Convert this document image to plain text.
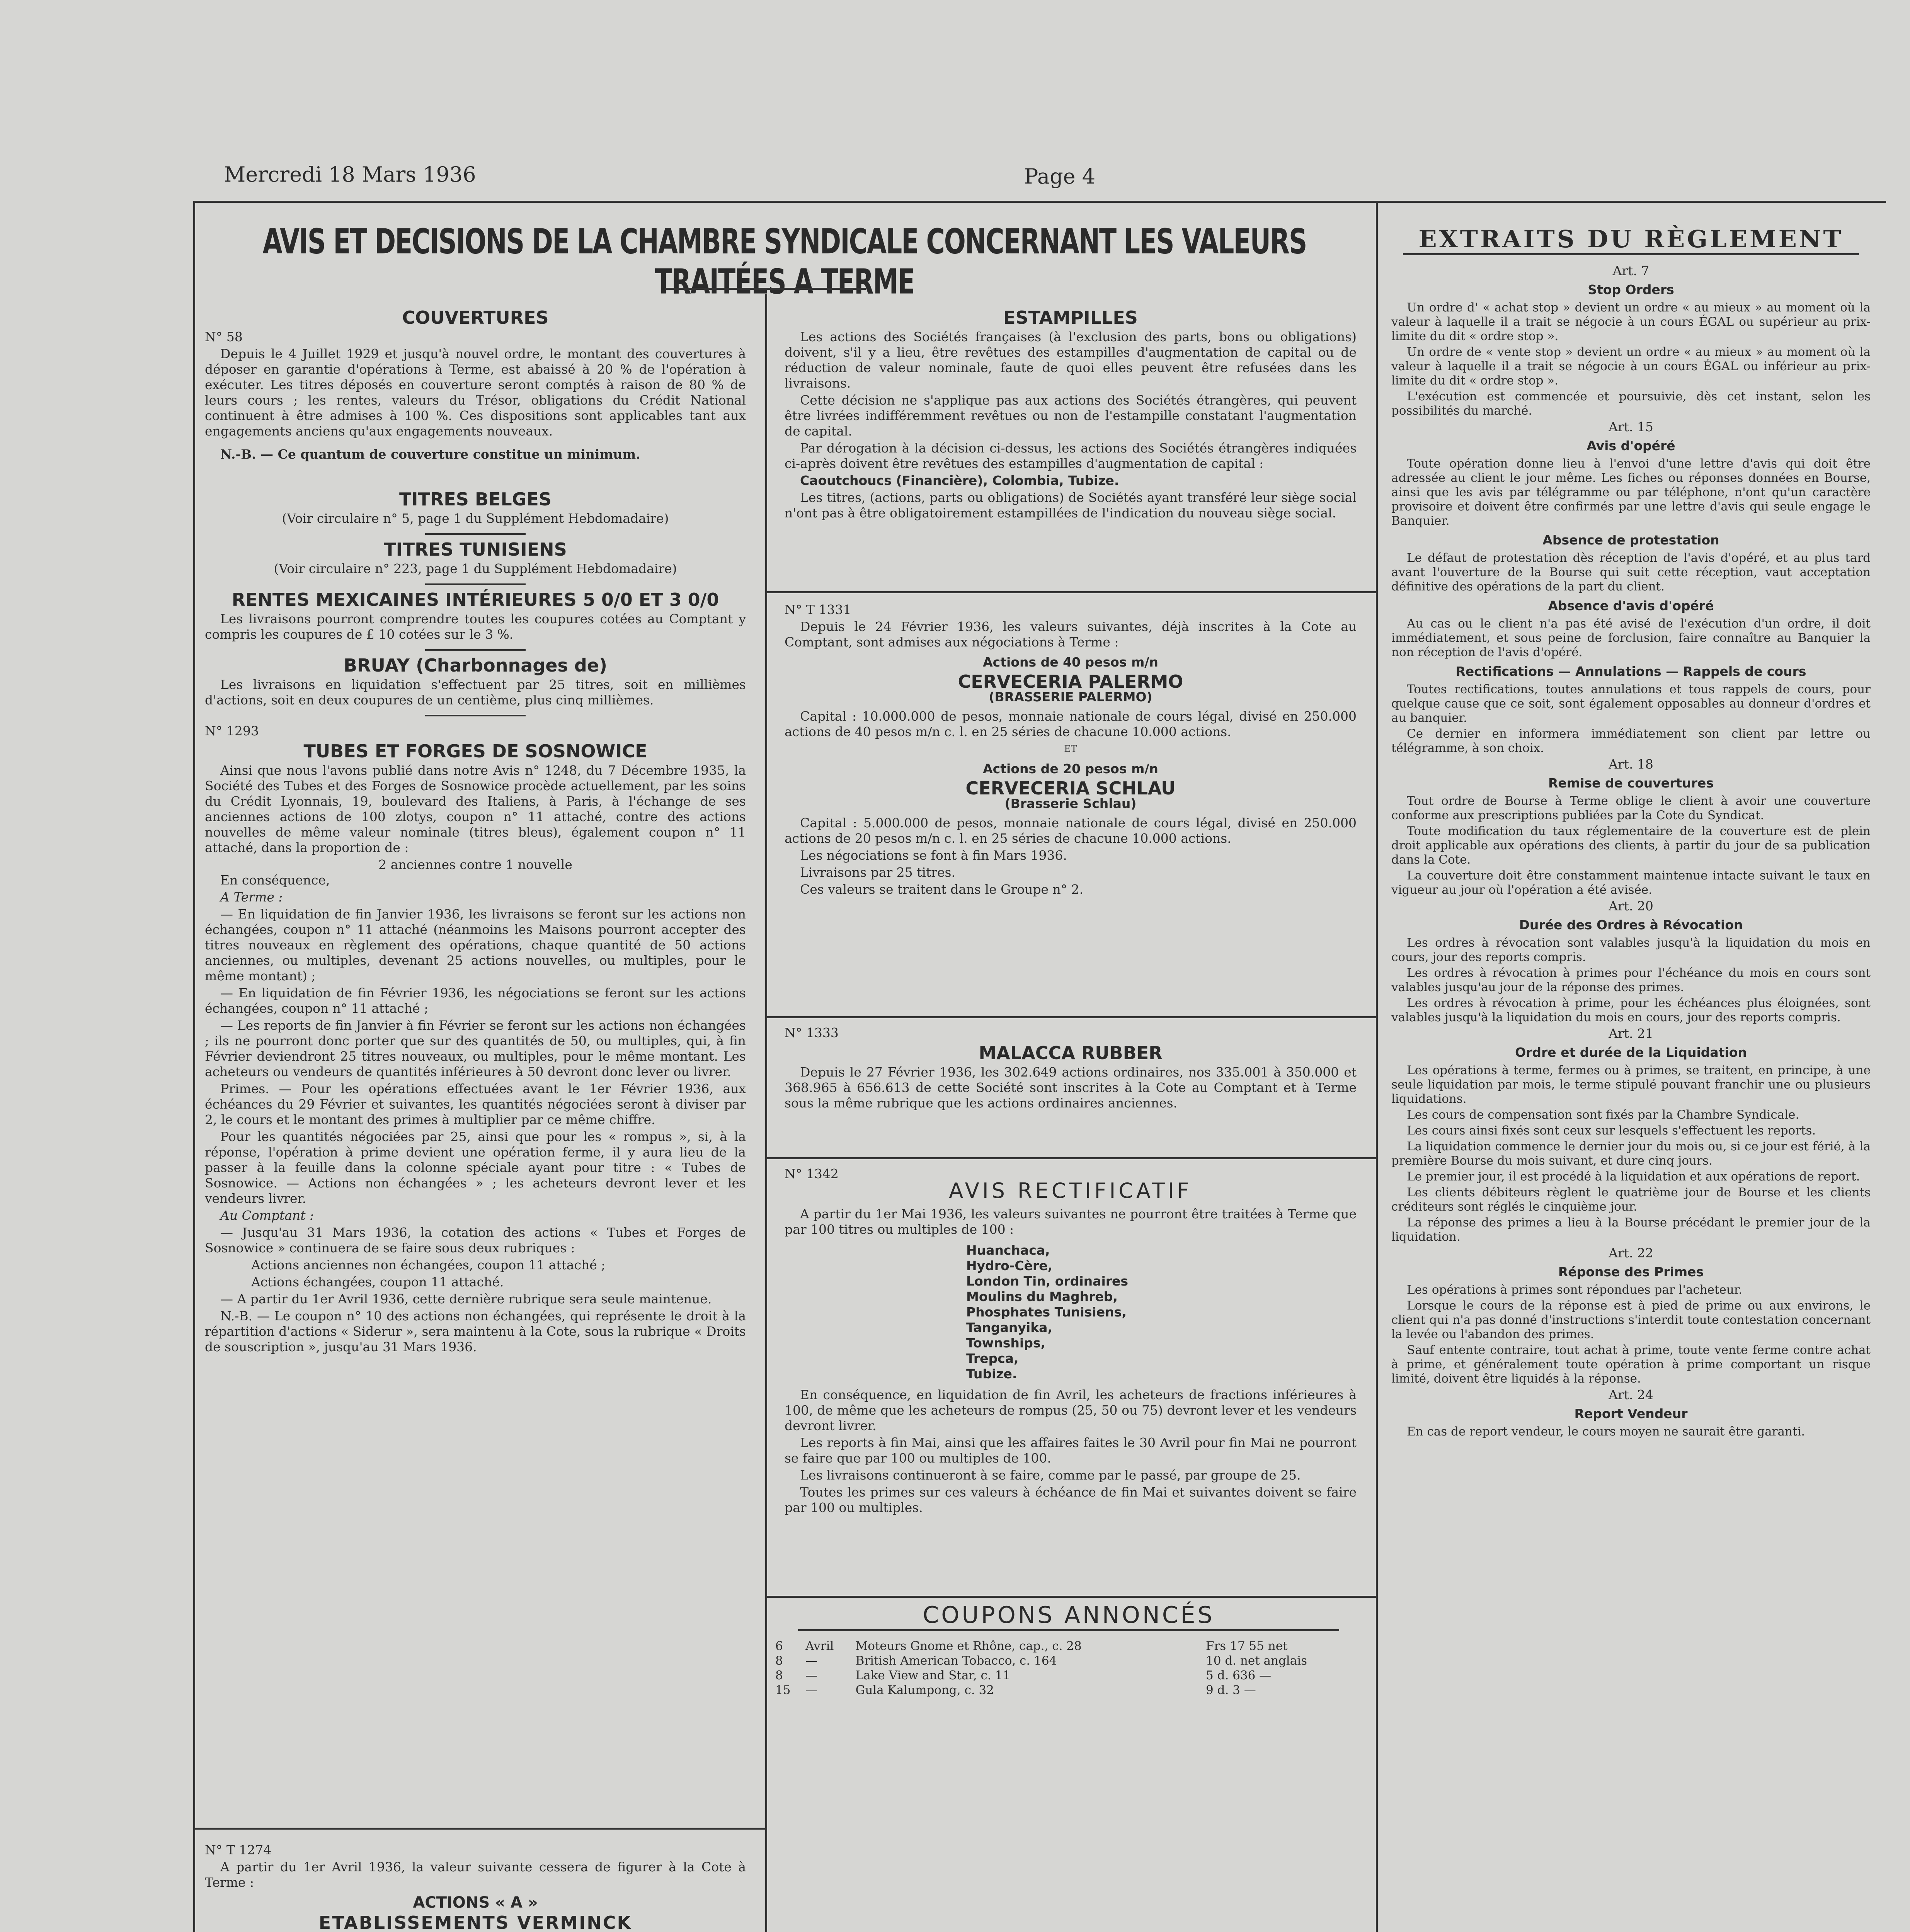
Mercredi 18 Mars 1936	Page 4
AVIS ET DECISIONS DE LA CHAMBRE SYNDICALE CONCERNANT LES VALEURS TRAITÉES A TERME
COUVERTURES
N° 58

Depuis le 4 Juillet 1929 et jusqu'à nouvel ordre, le montant des couvertures à déposer en garantie d'opérations à Terme, est abaissé à 20 % de l'opération à exécuter. Les titres déposés en couverture seront comptés à raison de 80 % de leurs cours ; les rentes, valeurs du Trésor, obligations du Crédit National continuent à être admises à 100 %. Ces dispositions sont applicables tant aux engagements anciens qu'aux engagements nouveaux.

N.-B. — Ce quantum de couverture constitue un minimum.

TITRES BELGES
(Voir circulaire n° 5, page 1 du Supplément Hebdomadaire)
TITRES TUNISIENS
(Voir circulaire n° 223, page 1 du Supplément Hebdomadaire)
RENTES MEXICAINES INTÉRIEURES 5 0/0 ET 3 0/0

Les livraisons pourront comprendre toutes les coupures cotées au Comptant y compris les coupures de £ 10 cotées sur le 3 %.

BRUAY (Charbonnages de)

Les livraisons en liquidation s'effectuent par 25 titres, soit en millièmes d'actions, soit en deux coupures de un centième, plus cinq millièmes.

N° 1293
TUBES ET FORGES DE SOSNOWICE

Ainsi que nous l'avons publié dans notre Avis n° 1248, du 7 Décembre 1935, la Société des Tubes et des Forges de Sosnowice procède actuellement, par les soins du Crédit Lyonnais, 19, boulevard des Italiens, à Paris, à l'échange de ses anciennes actions de 100 zlotys, coupon n° 11 attaché, contre des actions nouvelles de même valeur nominale (titres bleus), également coupon n° 11 attaché, dans la proportion de :

2 anciennes contre 1 nouvelle

En conséquence,

A Terme :

— En liquidation de fin Janvier 1936, les livraisons se feront sur les actions non échangées, coupon n° 11 attaché (néanmoins les Maisons pourront accepter des titres nouveaux en règlement des opérations, chaque quantité de 50 actions anciennes, ou multiples, devenant 25 actions nouvelles, ou multiples, pour le même montant) ;

— En liquidation de fin Février 1936, les négociations se feront sur les actions échangées, coupon n° 11 attaché ;

— Les reports de fin Janvier à fin Février se feront sur les actions non échangées ; ils ne pourront donc porter que sur des quantités de 50, ou multiples, qui, à fin Février deviendront 25 titres nouveaux, ou multiples, pour le même montant. Les acheteurs ou vendeurs de quantités inférieures à 50 devront donc lever ou livrer.

Primes. — Pour les opérations effectuées avant le 1er Février 1936, aux échéances du 29 Février et suivantes, les quantités négociées seront à diviser par 2, le cours et le montant des primes à multiplier par ce même chiffre.

Pour les quantités négociées par 25, ainsi que pour les « rompus », si, à la réponse, l'opération à prime devient une opération ferme, il y aura lieu de la passer à la feuille dans la colonne spéciale ayant pour titre : « Tubes de Sosnowice. — Actions non échangées » ; les acheteurs devront lever et les vendeurs livrer.

Au Comptant :

— Jusqu'au 31 Mars 1936, la cotation des actions « Tubes et Forges de Sosnowice » continuera de se faire sous deux rubriques :

Actions anciennes non échangées, coupon 11 attaché ;

Actions échangées, coupon 11 attaché.

— A partir du 1er Avril 1936, cette dernière rubrique sera seule maintenue.

N.-B. — Le coupon n° 10 des actions non échangées, qui représente le droit à la répartition d'actions « Siderur », sera maintenu à la Cote, sous la rubrique « Droits de souscription », jusqu'au 31 Mars 1936.

N° T 1274

A partir du 1er Avril 1936, la valeur suivante cessera de figurer à la Cote à Terme :

ACTIONS « A »
ETABLISSEMENTS VERMINCK

ESTAMPILLES

Les actions des Sociétés françaises (à l'exclusion des parts, bons ou obligations) doivent, s'il y a lieu, être revêtues des estampilles d'augmentation de capital ou de réduction de valeur nominale, faute de quoi elles peuvent être refusées dans les livraisons.

Cette décision ne s'applique pas aux actions des Sociétés étrangères, qui peuvent être livrées indifféremment revêtues ou non de l'estampille constatant l'augmentation de capital.

Par dérogation à la décision ci-dessus, les actions des Sociétés étrangères indiquées ci-après doivent être revêtues des estampilles d'augmentation de capital :

Caoutchoucs (Financière), Colombia, Tubize.

Les titres, (actions, parts ou obligations) de Sociétés ayant transféré leur siège social n'ont pas à être obligatoirement estampillées de l'indication du nouveau siège social.

N° T 1331

Depuis le 24 Février 1936, les valeurs suivantes, déjà inscrites à la Cote au Comptant, sont admises aux négociations à Terme :

Actions de 40 pesos m/n
CERVECERIA PALERMO
(BRASSERIE PALERMO)

Capital : 10.000.000 de pesos, monnaie nationale de cours légal, divisé en 250.000 actions de 40 pesos m/n c. l. en 25 séries de chacune 10.000 actions.

ET
Actions de 20 pesos m/n
CERVECERIA SCHLAU
(Brasserie Schlau)

Capital : 5.000.000 de pesos, monnaie nationale de cours légal, divisé en 250.000 actions de 20 pesos m/n c. l. en 25 séries de chacune 10.000 actions.

Les négociations se font à fin Mars 1936.

Livraisons par 25 titres.

Ces valeurs se traitent dans le Groupe n° 2.

N° 1333
MALACCA RUBBER

Depuis le 27 Février 1936, les 302.649 actions ordinaires, nos 335.001 à 350.000 et 368.965 à 656.613 de cette Société sont inscrites à la Cote au Comptant et à Terme sous la même rubrique que les actions ordinaires anciennes.

N° 1342
AVIS RECTIFICATIF

A partir du 1er Mai 1936, les valeurs suivantes ne pourront être traitées à Terme que par 100 titres ou multiples de 100 :

Huanchaca,
Hydro-Cère,
London Tin, ordinaires
Moulins du Maghreb,
Phosphates Tunisiens,
Tanganyika,
Townships,
Trepca,
Tubize.

En conséquence, en liquidation de fin Avril, les acheteurs de fractions inférieures à 100, de même que les acheteurs de rompus (25, 50 ou 75) devront lever et les vendeurs devront livrer.

Les reports à fin Mai, ainsi que les affaires faites le 30 Avril pour fin Mai ne pourront se faire que par 100 ou multiples de 100.

Les livraisons continueront à se faire, comme par le passé, par groupe de 25.

Toutes les primes sur ces valeurs à échéance de fin Mai et suivantes doivent se faire par 100 ou multiples.

COUPONS ANNONCÉS
6	Avril	Moteurs Gnome et Rhône, cap., c. 28	Frs 17 55 net
8	—	British American Tobacco, c. 164	10 d. net anglais
8	—	Lake View and Star, c. 11	5 d. 636 —
15	—	Gula Kalumpong, c. 32	9 d. 3 —
EXTRAITS DU RÈGLEMENT
Art. 7
Stop Orders

Un ordre d' « achat stop » devient un ordre « au mieux » au moment où la valeur à laquelle il a trait se négocie à un cours ÉGAL ou supérieur au prix-limite du dit « ordre stop ».

Un ordre de « vente stop » devient un ordre « au mieux » au moment où la valeur à laquelle il a trait se négocie à un cours ÉGAL ou inférieur au prix-limite du dit « ordre stop ».

L'exécution est commencée et poursuivie, dès cet instant, selon les possibilités du marché.

Art. 15
Avis d'opéré

Toute opération donne lieu à l'envoi d'une lettre d'avis qui doit être adressée au client le jour même. Les fiches ou réponses données en Bourse, ainsi que les avis par télégramme ou par téléphone, n'ont qu'un caractère provisoire et doivent être confirmés par une lettre d'avis qui seule engage le Banquier.

Absence de protestation

Le défaut de protestation dès réception de l'avis d'opéré, et au plus tard avant l'ouverture de la Bourse qui suit cette réception, vaut acceptation définitive des opérations de la part du client.

Absence d'avis d'opéré

Au cas ou le client n'a pas été avisé de l'exécution d'un ordre, il doit immédiatement, et sous peine de forclusion, faire connaître au Banquier la non réception de l'avis d'opéré.

Rectifications — Annulations — Rappels de cours

Toutes rectifications, toutes annulations et tous rappels de cours, pour quelque cause que ce soit, sont également opposables au donneur d'ordres et au banquier.

Ce dernier en informera immédiatement son client par lettre ou télégramme, à son choix.

Art. 18
Remise de couvertures

Tout ordre de Bourse à Terme oblige le client à avoir une couverture conforme aux prescriptions publiées par la Cote du Syndicat.

Toute modification du taux réglementaire de la couverture est de plein droit applicable aux opérations des clients, à partir du jour de sa publication dans la Cote.

La couverture doit être constamment maintenue intacte suivant le taux en vigueur au jour où l'opération a été avisée.

Art. 20
Durée des Ordres à Révocation

Les ordres à révocation sont valables jusqu'à la liquidation du mois en cours, jour des reports compris.

Les ordres à révocation à primes pour l'échéance du mois en cours sont valables jusqu'au jour de la réponse des primes.

Les ordres à révocation à prime, pour les échéances plus éloignées, sont valables jusqu'à la liquidation du mois en cours, jour des reports compris.

Art. 21
Ordre et durée de la Liquidation

Les opérations à terme, fermes ou à primes, se traitent, en principe, à une seule liquidation par mois, le terme stipulé pouvant franchir une ou plusieurs liquidations.

Les cours de compensation sont fixés par la Chambre Syndicale.

Les cours ainsi fixés sont ceux sur lesquels s'effectuent les reports.

La liquidation commence le dernier jour du mois ou, si ce jour est férié, à la première Bourse du mois suivant, et dure cinq jours.

Le premier jour, il est procédé à la liquidation et aux opérations de report.

Les clients débiteurs règlent le quatrième jour de Bourse et les clients créditeurs sont réglés le cinquième jour.

La réponse des primes a lieu à la Bourse précédant le premier jour de la liquidation.

Art. 22
Réponse des Primes

Les opérations à primes sont répondues par l'acheteur.

Lorsque le cours de la réponse est à pied de prime ou aux environs, le client qui n'a pas donné d'instructions s'interdit toute contestation concernant la levée ou l'abandon des primes.

Sauf entente contraire, tout achat à prime, toute vente ferme contre achat à prime, et généralement toute opération à prime comportant un risque limité, doivent être liquidés à la réponse.

Art. 24
Report Vendeur

En cas de report vendeur, le cours moyen ne saurait être garanti.
